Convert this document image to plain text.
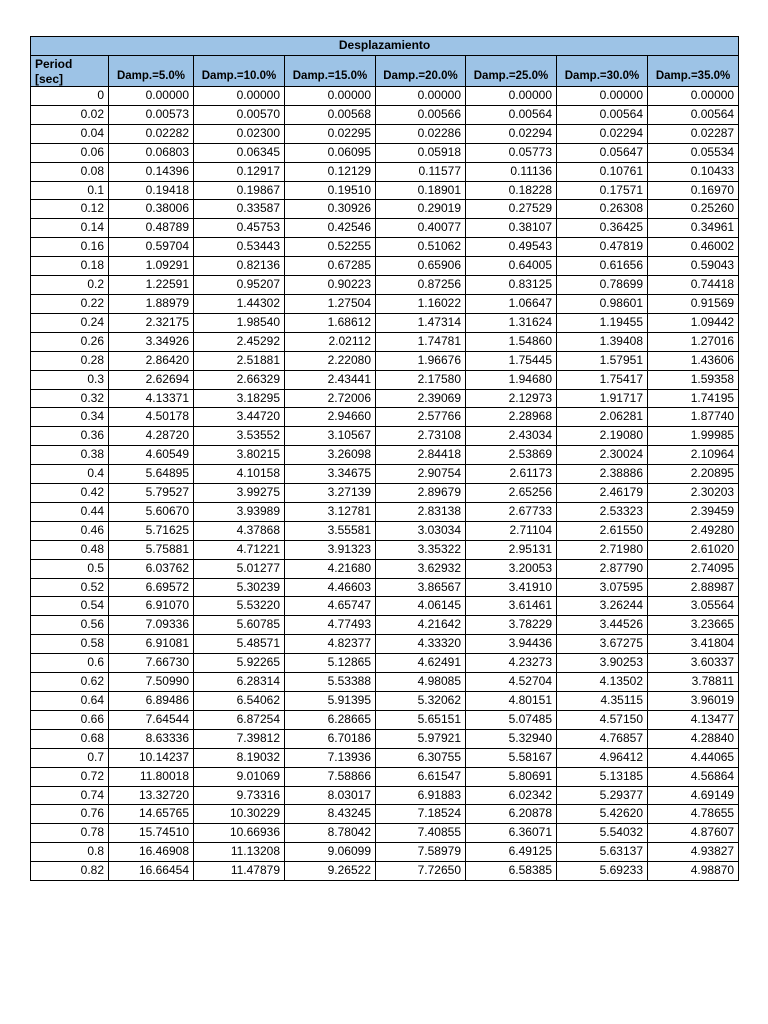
Desplazamiento							
Period
[sec]	Damp.=5.0%	Damp.=10.0%	Damp.=15.0%	Damp.=20.0%	Damp.=25.0%	Damp.=30.0%	Damp.=35.0%
0	0.00000	0.00000	0.00000	0.00000	0.00000	0.00000	0.00000
0.02	0.00573	0.00570	0.00568	0.00566	0.00564	0.00564	0.00564
0.04	0.02282	0.02300	0.02295	0.02286	0.02294	0.02294	0.02287
0.06	0.06803	0.06345	0.06095	0.05918	0.05773	0.05647	0.05534
0.08	0.14396	0.12917	0.12129	0.11577	0.11136	0.10761	0.10433
0.1	0.19418	0.19867	0.19510	0.18901	0.18228	0.17571	0.16970
0.12	0.38006	0.33587	0.30926	0.29019	0.27529	0.26308	0.25260
0.14	0.48789	0.45753	0.42546	0.40077	0.38107	0.36425	0.34961
0.16	0.59704	0.53443	0.52255	0.51062	0.49543	0.47819	0.46002
0.18	1.09291	0.82136	0.67285	0.65906	0.64005	0.61656	0.59043
0.2	1.22591	0.95207	0.90223	0.87256	0.83125	0.78699	0.74418
0.22	1.88979	1.44302	1.27504	1.16022	1.06647	0.98601	0.91569
0.24	2.32175	1.98540	1.68612	1.47314	1.31624	1.19455	1.09442
0.26	3.34926	2.45292	2.02112	1.74781	1.54860	1.39408	1.27016
0.28	2.86420	2.51881	2.22080	1.96676	1.75445	1.57951	1.43606
0.3	2.62694	2.66329	2.43441	2.17580	1.94680	1.75417	1.59358
0.32	4.13371	3.18295	2.72006	2.39069	2.12973	1.91717	1.74195
0.34	4.50178	3.44720	2.94660	2.57766	2.28968	2.06281	1.87740
0.36	4.28720	3.53552	3.10567	2.73108	2.43034	2.19080	1.99985
0.38	4.60549	3.80215	3.26098	2.84418	2.53869	2.30024	2.10964
0.4	5.64895	4.10158	3.34675	2.90754	2.61173	2.38886	2.20895
0.42	5.79527	3.99275	3.27139	2.89679	2.65256	2.46179	2.30203
0.44	5.60670	3.93989	3.12781	2.83138	2.67733	2.53323	2.39459
0.46	5.71625	4.37868	3.55581	3.03034	2.71104	2.61550	2.49280
0.48	5.75881	4.71221	3.91323	3.35322	2.95131	2.71980	2.61020
0.5	6.03762	5.01277	4.21680	3.62932	3.20053	2.87790	2.74095
0.52	6.69572	5.30239	4.46603	3.86567	3.41910	3.07595	2.88987
0.54	6.91070	5.53220	4.65747	4.06145	3.61461	3.26244	3.05564
0.56	7.09336	5.60785	4.77493	4.21642	3.78229	3.44526	3.23665
0.58	6.91081	5.48571	4.82377	4.33320	3.94436	3.67275	3.41804
0.6	7.66730	5.92265	5.12865	4.62491	4.23273	3.90253	3.60337
0.62	7.50990	6.28314	5.53388	4.98085	4.52704	4.13502	3.78811
0.64	6.89486	6.54062	5.91395	5.32062	4.80151	4.35115	3.96019
0.66	7.64544	6.87254	6.28665	5.65151	5.07485	4.57150	4.13477
0.68	8.63336	7.39812	6.70186	5.97921	5.32940	4.76857	4.28840
0.7	10.14237	8.19032	7.13936	6.30755	5.58167	4.96412	4.44065
0.72	11.80018	9.01069	7.58866	6.61547	5.80691	5.13185	4.56864
0.74	13.32720	9.73316	8.03017	6.91883	6.02342	5.29377	4.69149
0.76	14.65765	10.30229	8.43245	7.18524	6.20878	5.42620	4.78655
0.78	15.74510	10.66936	8.78042	7.40855	6.36071	5.54032	4.87607
0.8	16.46908	11.13208	9.06099	7.58979	6.49125	5.63137	4.93827
0.82	16.66454	11.47879	9.26522	7.72650	6.58385	5.69233	4.98870
